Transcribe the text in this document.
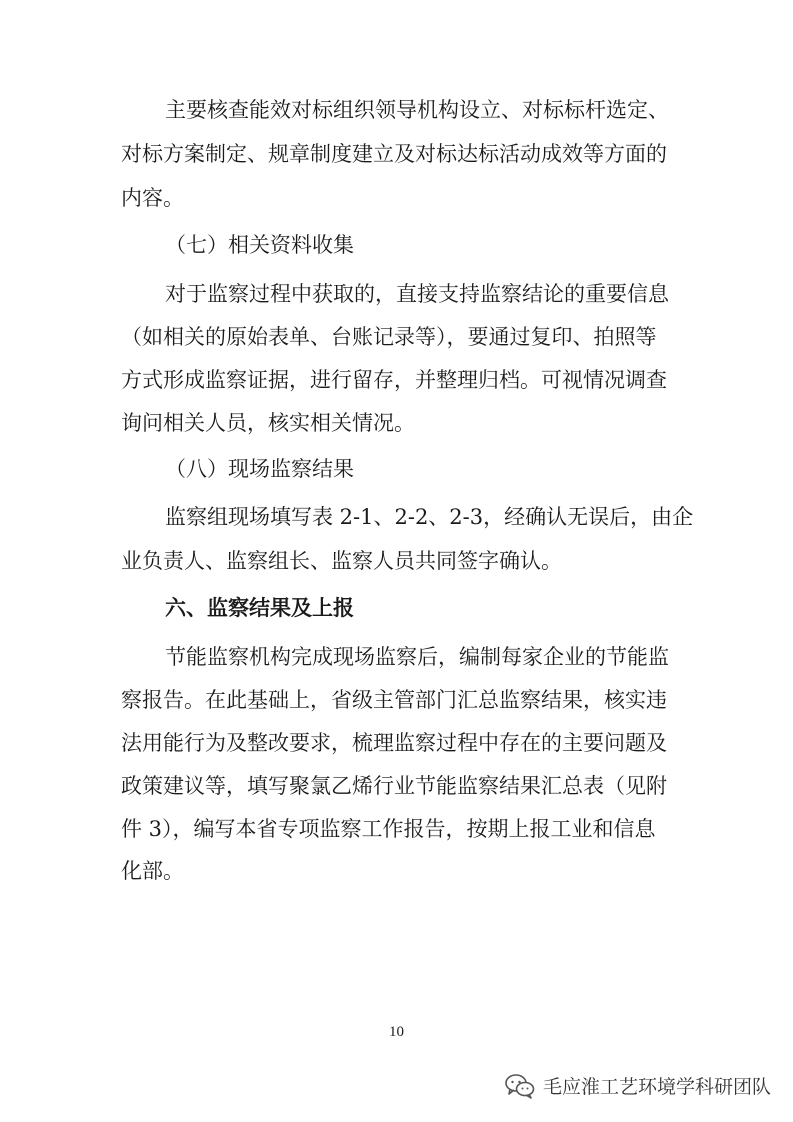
主要核查能效对标组织领导机构设立、对标标杆选定、
对标方案制定、规章制度建立及对标达标活动成效等方面的
内容。
（七）相关资料收集
对于监察过程中获取的，直接支持监察结论的重要信息
（如相关的原始表单、台账记录等），要通过复印、拍照等
方式形成监察证据，进行留存，并整理归档。可视情况调查
询问相关人员，核实相关情况。
（八）现场监察结果
监察组现场填写表 2-1、2-2、2-3，经确认无误后，由企
业负责人、监察组长、监察人员共同签字确认。
六、监察结果及上报
节能监察机构完成现场监察后，编制每家企业的节能监
察报告。在此基础上，省级主管部门汇总监察结果，核实违
法用能行为及整改要求，梳理监察过程中存在的主要问题及
政策建议等，填写聚氯乙烯行业节能监察结果汇总表（见附
件 3），编写本省专项监察工作报告，按期上报工业和信息
化部。
10
毛应淮工艺环境学科研团队
